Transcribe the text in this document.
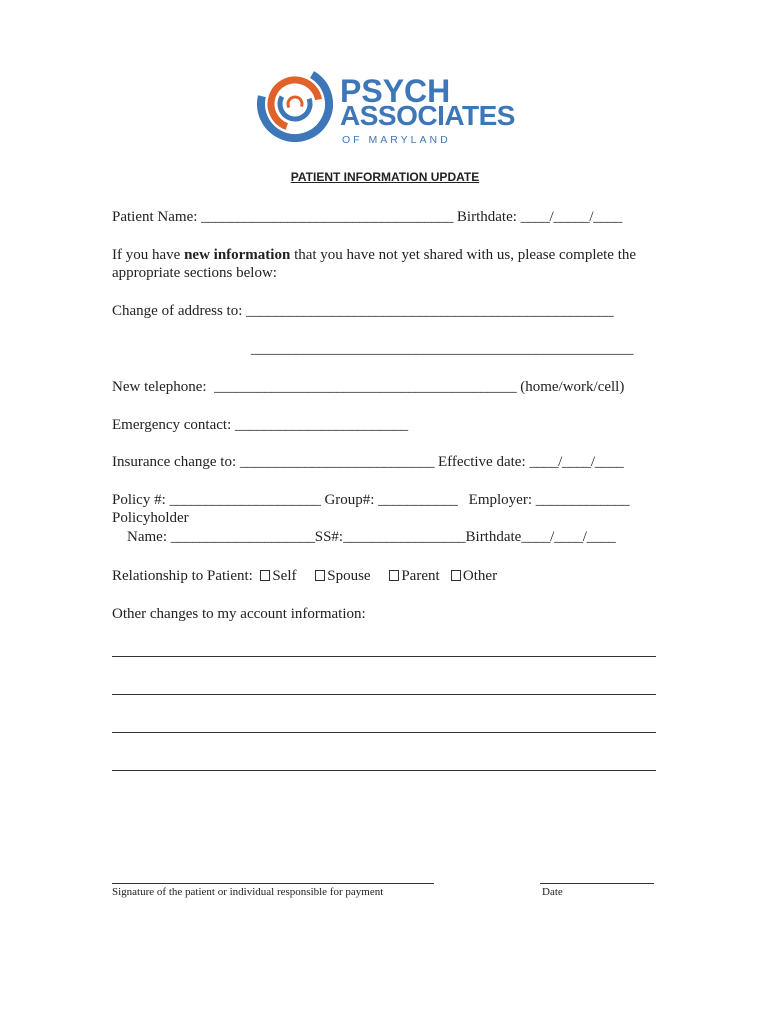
PSYCH
ASSOCIATES
OF MARYLAND
PATIENT INFORMATION UPDATE
Patient Name: ___________________________________ Birthdate: ____/_____/____
If you have new information that you have not yet shared with us, please complete the
appropriate sections below:
Change of address to: ___________________________________________________
___________________________________________________
New telephone: __________________________________________ (home/work/cell)
Emergency contact: ________________________
Insurance change to: ___________________________ Effective date: ____/____/____
Policy #: _____________________ Group#: ___________ Employer: _____________
Policyholder
Name: ____________________SS#:_________________Birthdate____/____/____
Relationship to Patient: Self Spouse Parent Other
Other changes to my account information:
Signature of the patient or individual responsible for payment	Date
